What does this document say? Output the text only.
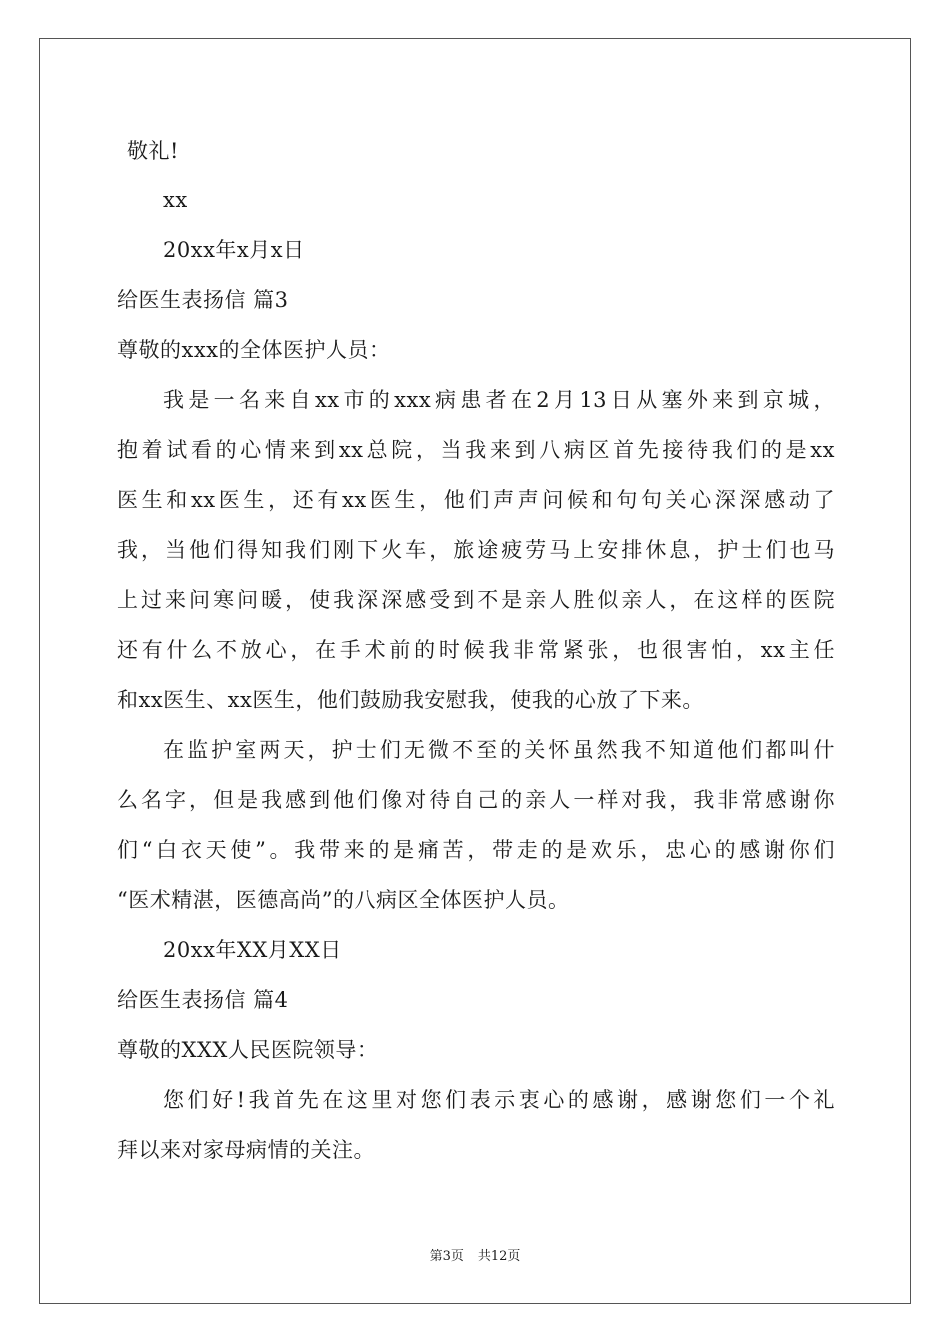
敬礼!
xx
20xx年x月x日
给医生表扬信 篇3
尊敬的xxx的全体医护人员：
我是一名来自xx市的xxx病患者在2月13日从塞外来到京城，
抱着试看的心情来到xx总院，当我来到八病区首先接待我们的是xx
医生和xx医生，还有xx医生，他们声声问候和句句关心深深感动了
我，当他们得知我们刚下火车，旅途疲劳马上安排休息，护士们也马
上过来问寒问暖，使我深深感受到不是亲人胜似亲人，在这样的医院
还有什么不放心，在手术前的时候我非常紧张，也很害怕，xx主任
和xx医生、xx医生，他们鼓励我安慰我，使我的心放了下来。
在监护室两天，护士们无微不至的关怀虽然我不知道他们都叫什
么名字，但是我感到他们像对待自己的亲人一样对我，我非常感谢你
们“白衣天使”。我带来的是痛苦，带走的是欢乐，忠心的感谢你们
“医术精湛，医德高尚”的八病区全体医护人员。
20xx年XX月XX日
给医生表扬信 篇4
尊敬的XXX人民医院领导：
您们好!我首先在这里对您们表示衷心的感谢，感谢您们一个礼
拜以来对家母病情的关注。
第3页 共12页
